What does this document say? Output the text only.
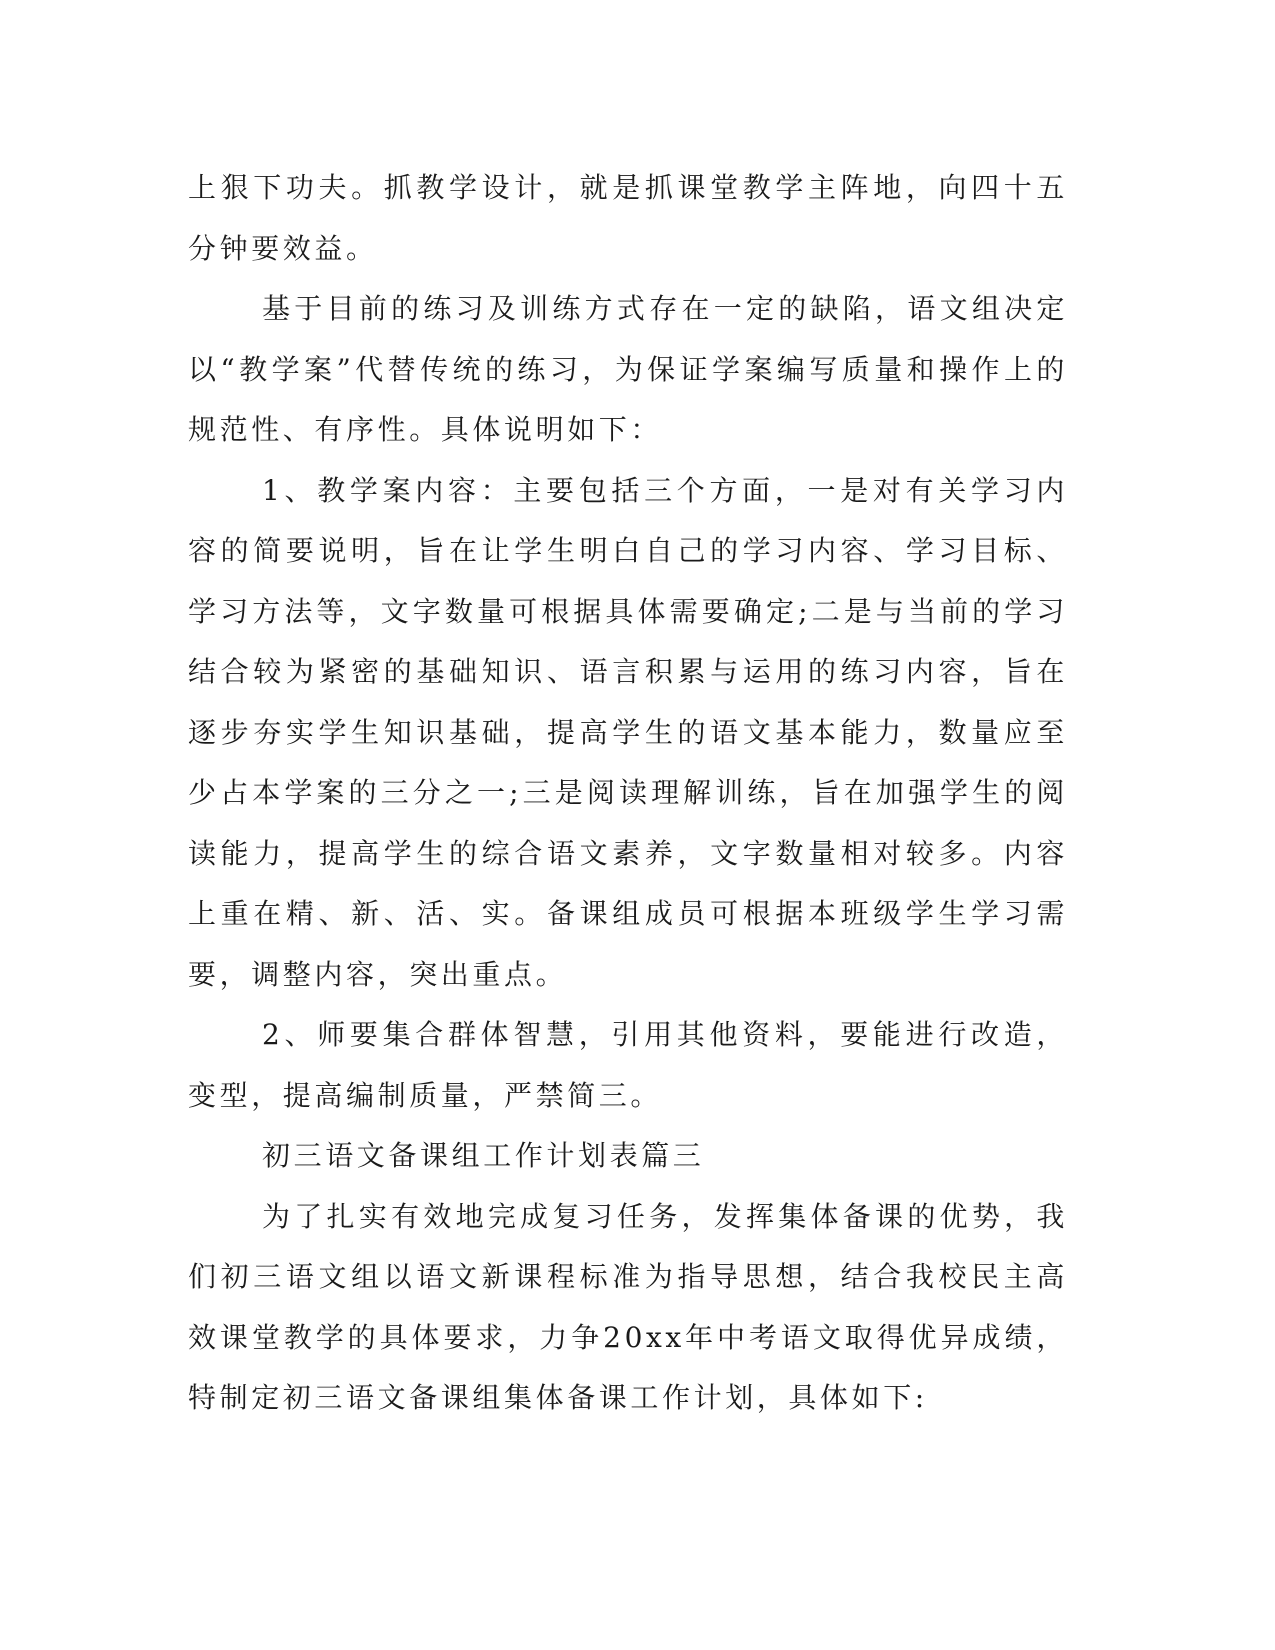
上狠下功夫。抓教学设计，就是抓课堂教学主阵地，向四十五分钟要效益。

基于目前的练习及训练方式存在一定的缺陷，语文组决定以“教学案”代替传统的练习，为保证学案编写质量和操作上的规范性、有序性。具体说明如下：

1、教学案内容：主要包括三个方面，一是对有关学习内容的简要说明，旨在让学生明白自己的学习内容、学习目标、学习方法等，文字数量可根据具体需要确定;二是与当前的学习结合较为紧密的基础知识、语言积累与运用的练习内容，旨在逐步夯实学生知识基础，提高学生的语文基本能力，数量应至少占本学案的三分之一;三是阅读理解训练，旨在加强学生的阅读能力，提高学生的综合语文素养，文字数量相对较多。内容上重在精、新、活、实。备课组成员可根据本班级学生学习需要，调整内容，突出重点。

2、师要集合群体智慧，引用其他资料，要能进行改造，变型，提高编制质量，严禁简三。

初三语文备课组工作计划表篇三

为了扎实有效地完成复习任务，发挥集体备课的优势，我们初三语文组以语文新课程标准为指导思想，结合我校民主高效课堂教学的具体要求，力争20xx年中考语文取得优异成绩，特制定初三语文备课组集体备课工作计划，具体如下:
